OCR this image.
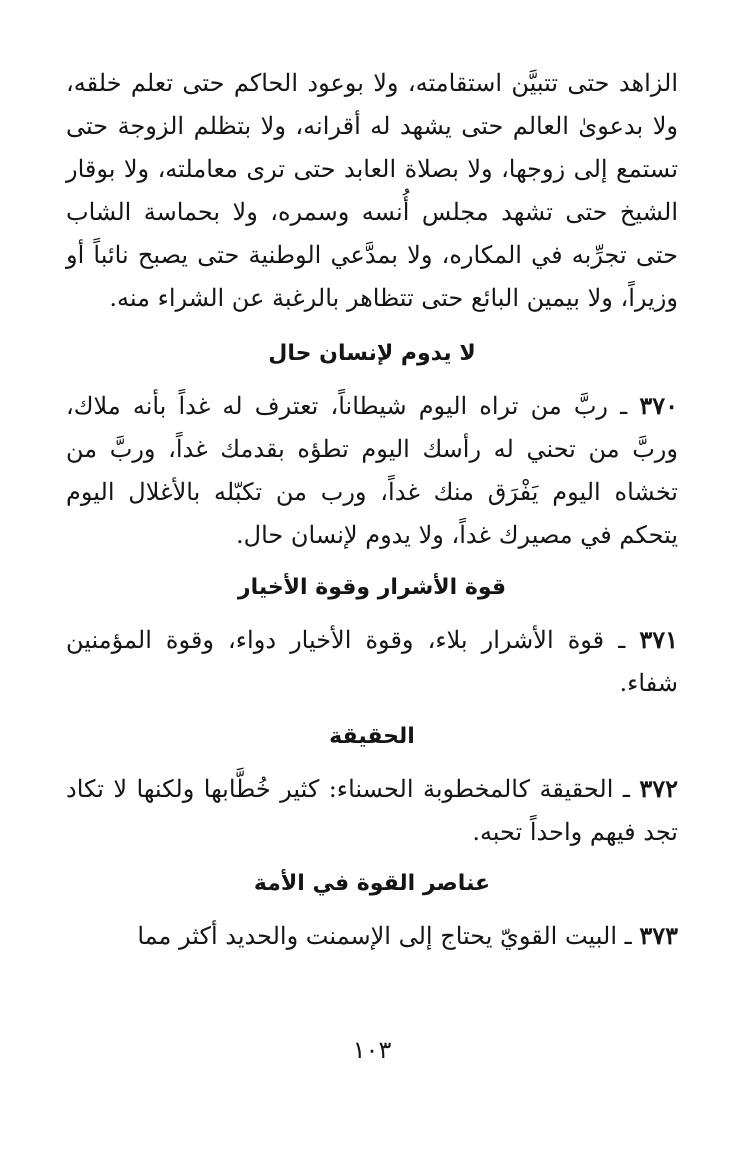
الزاهد حتى تتبيَّن استقامته، ولا بوعود الحاكم حتى تعلم خلقه، ولا بدعوىٰ العالم حتى يشهد له أقرانه، ولا بتظلم الزوجة حتى تستمع إلى زوجها، ولا بصلاة العابد حتى ترى معاملته، ولا بوقار الشيخ حتى تشهد مجلس أُنسه وسمره، ولا بحماسة الشاب حتى تجرِّبه في المكاره، ولا بمدَّعي الوطنية حتى يصبح نائباً أو وزيراً، ولا بيمين البائع حتى تتظاهر بالرغبة عن الشراء منه.

لا يدوم لإنسان حال

٣٧٠ ـ ربَّ من تراه اليوم شيطاناً، تعترف له غداً بأنه ملاك، وربَّ من تحني له رأسك اليوم تطؤه بقدمك غداً، وربَّ من تخشاه اليوم يَفْرَق منك غداً، ورب من تكبّله بالأغلال اليوم يتحكم في مصيرك غداً، ولا يدوم لإنسان حال.

قوة الأشرار وقوة الأخيار

٣٧١ ـ قوة الأشرار بلاء، وقوة الأخيار دواء، وقوة المؤمنين شفاء.

الحقيقة

٣٧٢ ـ الحقيقة كالمخطوبة الحسناء: كثير خُطَّابها ولكنها لا تكاد تجد فيهم واحداً تحبه.

عناصر القوة في الأمة

٣٧٣ ـ البيت القويّ يحتاج إلى الإسمنت والحديد أكثر مما

١٠٣
